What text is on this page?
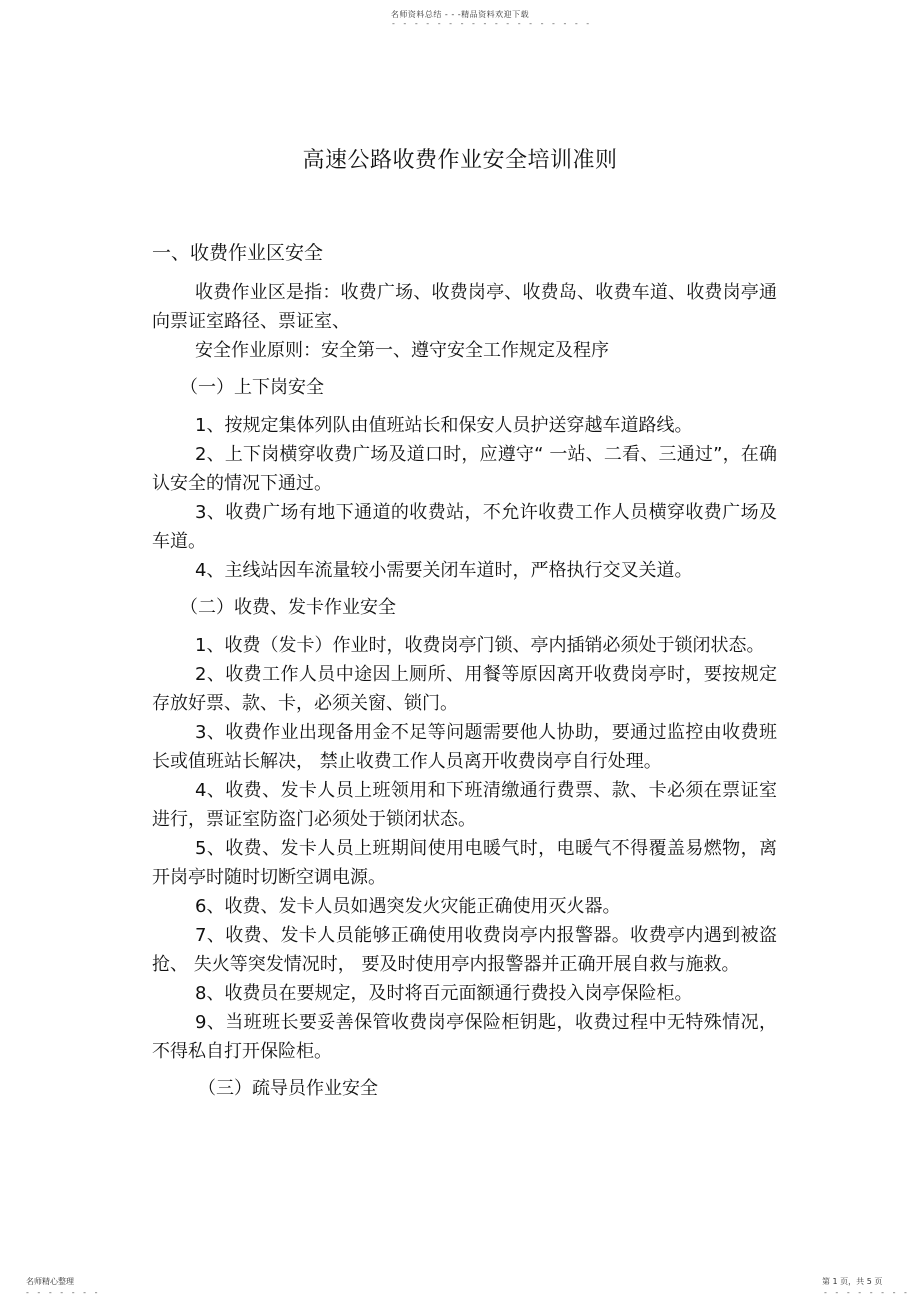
名师资料总结 - - -精品资料欢迎下载
- - - - - - - - - - - - - - - - - -
高速公路收费作业安全培训准则
一、收费作业区安全

收费作业区是指：收费广场、收费岗亭、收费岛、收费车道、收费岗亭通向票证室路径、票证室、

安全作业原则：安全第一、遵守安全工作规定及程序

（一）上下岗安全

1、按规定集体列队由值班站长和保安人员护送穿越车道路线。

2、上下岗横穿收费广场及道口时，应遵守“ 一站、二看、三通过”，在确认安全的情况下通过。

3、收费广场有地下通道的收费站，不允许收费工作人员横穿收费广场及车道。

4、主线站因车流量较小需要关闭车道时，严格执行交叉关道。

（二）收费、发卡作业安全

1、收费（发卡）作业时，收费岗亭门锁、亭内插销必须处于锁闭状态。

2、收费工作人员中途因上厕所、用餐等原因离开收费岗亭时，要按规定存放好票、款、卡，必须关窗、锁门。

3、收费作业出现备用金不足等问题需要他人协助，要通过监控由收费班长或值班站长解决， 禁止收费工作人员离开收费岗亭自行处理。

4、收费、发卡人员上班领用和下班清缴通行费票、款、卡必须在票证室进行，票证室防盗门必须处于锁闭状态。

5、收费、发卡人员上班期间使用电暖气时，电暖气不得覆盖易燃物，离开岗亭时随时切断空调电源。

6、收费、发卡人员如遇突发火灾能正确使用灭火器。

7、收费、发卡人员能够正确使用收费岗亭内报警器。收费亭内遇到被盗抢、 失火等突发情况时， 要及时使用亭内报警器并正确开展自救与施救。

8、收费员在要规定，及时将百元面额通行费投入岗亭保险柜。

9、当班班长要妥善保管收费岗亭保险柜钥匙，收费过程中无特殊情况，不得私自打开保险柜。

（三）疏导员作业安全
名师精心整理
- - - - - - -
第 1 页，共 5 页
- - - - - - - -
